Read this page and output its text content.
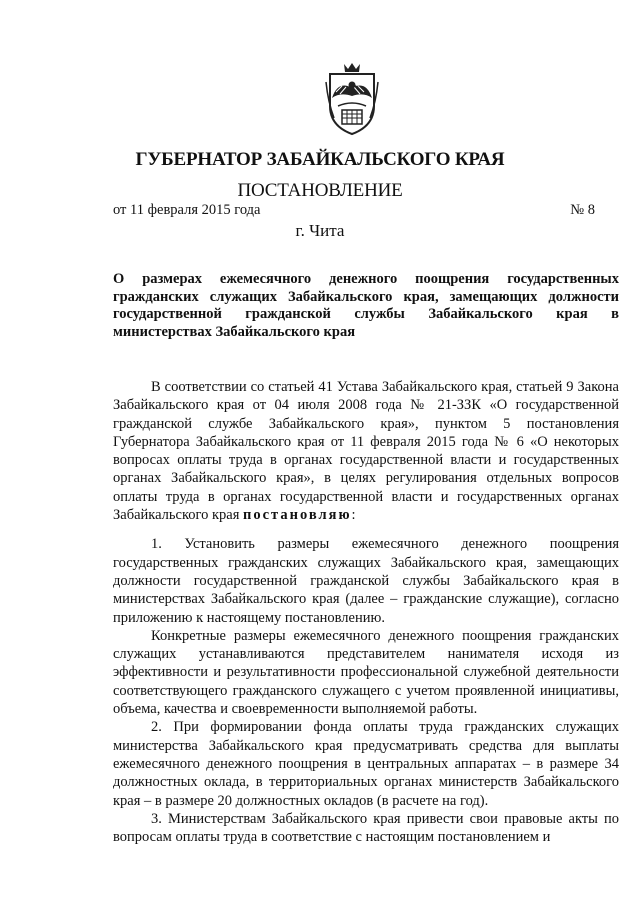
ГУБЕРНАТОР ЗАБАЙКАЛЬСКОГО КРАЯ
ПОСТАНОВЛЕНИЕ
от 11 февраля 2015 года	№ 8
г. Чита
О размерах ежемесячного денежного поощрения государственных гражданских служащих Забайкальского края, замещающих должности государственной гражданской службы Забайкальского края в министерствах Забайкальского края

В соответствии со статьей 41 Устава Забайкальского края, статьей 9 Закона Забайкальского края от 04 июля 2008 года № 21-ЗЗК «О государственной гражданской службе Забайкальского края», пунктом 5 постановления Губернатора Забайкальского края от 11 февраля 2015 года № 6 «О некоторых вопросах оплаты труда в органах государственной власти и государственных органах Забайкальского края», в целях регулирования отдельных вопросов оплаты труда в органах государственной власти и государственных органах Забайкальского края постановляю:

1. Установить размеры ежемесячного денежного поощрения государственных гражданских служащих Забайкальского края, замещающих должности государственной гражданской службы Забайкальского края в министерствах Забайкальского края (далее – гражданские служащие), согласно приложению к настоящему постановлению.

Конкретные размеры ежемесячного денежного поощрения гражданских служащих устанавливаются представителем нанимателя исходя из эффективности и результативности профессиональной служебной деятельности соответствующего гражданского служащего с учетом проявленной инициативы, объема, качества и своевременности выполняемой работы.

2. При формировании фонда оплаты труда гражданских служащих министерства Забайкальского края предусматривать средства для выплаты ежемесячного денежного поощрения в центральных аппаратах – в размере 34 должностных оклада, в территориальных органах министерств Забайкальского края – в размере 20 должностных окладов (в расчете на год).

3. Министерствам Забайкальского края привести свои правовые акты по вопросам оплаты труда в соответствие с настоящим постановлением и
